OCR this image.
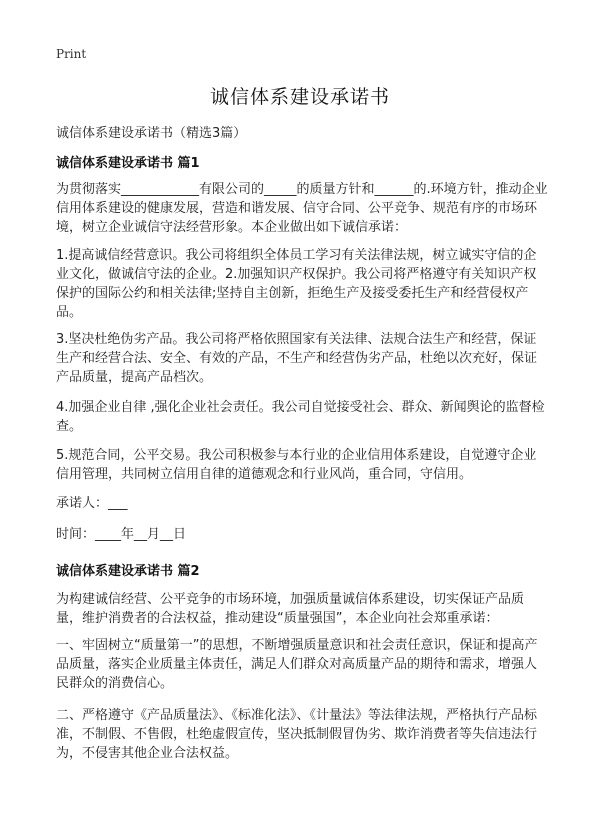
Print
诚信体系建设承诺书
诚信体系建设承诺书（精选3篇）
诚信体系建设承诺书 篇1
为贯彻落实____________有限公司的_____的质量方针和______的.环境方针，推动企业信用体系建设的健康发展，营造和谐发展、信守合同、公平竞争、规范有序的市场环境，树立企业诚信守法经营形象。本企业做出如下诚信承诺：
1.提高诚信经营意识。我公司将组织全体员工学习有关法律法规，树立诚实守信的企业文化，做诚信守法的企业。2.加强知识产权保护。我公司将严格遵守有关知识产权保护的国际公约和相关法律;坚持自主创新，拒绝生产及接受委托生产和经营侵权产品。
3.坚决杜绝伪劣产品。我公司将严格依照国家有关法律、法规合法生产和经营，保证生产和经营合法、安全、有效的产品，不生产和经营伪劣产品，杜绝以次充好，保证产品质量，提高产品档次。
4.加强企业自律 ,强化企业社会责任。我公司自觉接受社会、群众、新闻舆论的监督检查。
5.规范合同，公平交易。我公司积极参与本行业的企业信用体系建设，自觉遵守企业信用管理，共同树立信用自律的道德观念和行业风尚，重合同，守信用。
承诺人：___
时间：____年__月__日
诚信体系建设承诺书 篇2
为构建诚信经营、公平竞争的市场环境，加强质量诚信体系建设，切实保证产品质量，维护消费者的合法权益，推动建设“质量强国”，本企业向社会郑重承诺：
一、牢固树立“质量第一”的思想，不断增强质量意识和社会责任意识，保证和提高产品质量，落实企业质量主体责任，满足人们群众对高质量产品的期待和需求，增强人民群众的消费信心。
二、严格遵守《产品质量法》、《标准化法》、《计量法》等法律法规，严格执行产品标准，不制假、不售假，杜绝虚假宣传，坚决抵制假冒伪劣、欺诈消费者等失信违法行为，不侵害其他企业合法权益。
